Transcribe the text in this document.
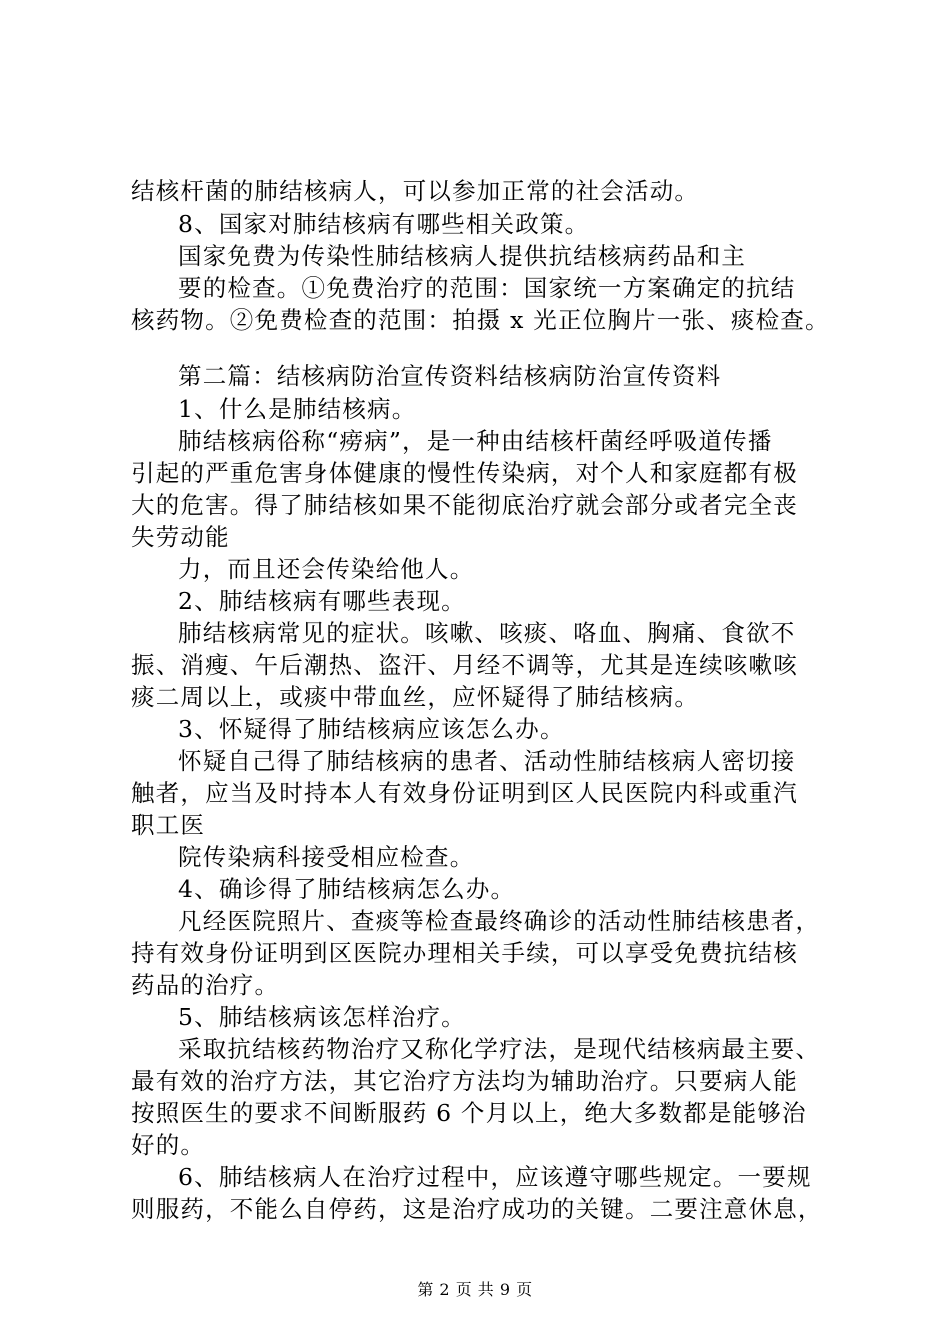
结核杆菌的肺结核病人，可以参加正常的社会活动。
8、国家对肺结核病有哪些相关政策。
国家免费为传染性肺结核病人提供抗结核病药品和主
要的检查。①免费治疗的范围：国家统一方案确定的抗结
核药物。②免费检查的范围：拍摄 x 光正位胸片一张、痰检查。
第二篇：结核病防治宣传资料结核病防治宣传资料
1、什么是肺结核病。
肺结核病俗称“痨病”，是一种由结核杆菌经呼吸道传播
引起的严重危害身体健康的慢性传染病，对个人和家庭都有极
大的危害。得了肺结核如果不能彻底治疗就会部分或者完全丧
失劳动能
力，而且还会传染给他人。
2、肺结核病有哪些表现。
肺结核病常见的症状。咳嗽、咳痰、咯血、胸痛、食欲不
振、消瘦、午后潮热、盗汗、月经不调等，尤其是连续咳嗽咳
痰二周以上，或痰中带血丝，应怀疑得了肺结核病。
3、怀疑得了肺结核病应该怎么办。
怀疑自己得了肺结核病的患者、活动性肺结核病人密切接
触者，应当及时持本人有效身份证明到区人民医院内科或重汽
职工医
院传染病科接受相应检查。
4、确诊得了肺结核病怎么办。
凡经医院照片、查痰等检查最终确诊的活动性肺结核患者，
持有效身份证明到区医院办理相关手续，可以享受免费抗结核
药品的治疗。
5、肺结核病该怎样治疗。
采取抗结核药物治疗又称化学疗法，是现代结核病最主要、
最有效的治疗方法，其它治疗方法均为辅助治疗。只要病人能
按照医生的要求不间断服药 6 个月以上，绝大多数都是能够治
好的。
6、肺结核病人在治疗过程中，应该遵守哪些规定。一要规
则服药，不能么自停药，这是治疗成功的关键。二要注意休息，
第 2 页 共 9 页
